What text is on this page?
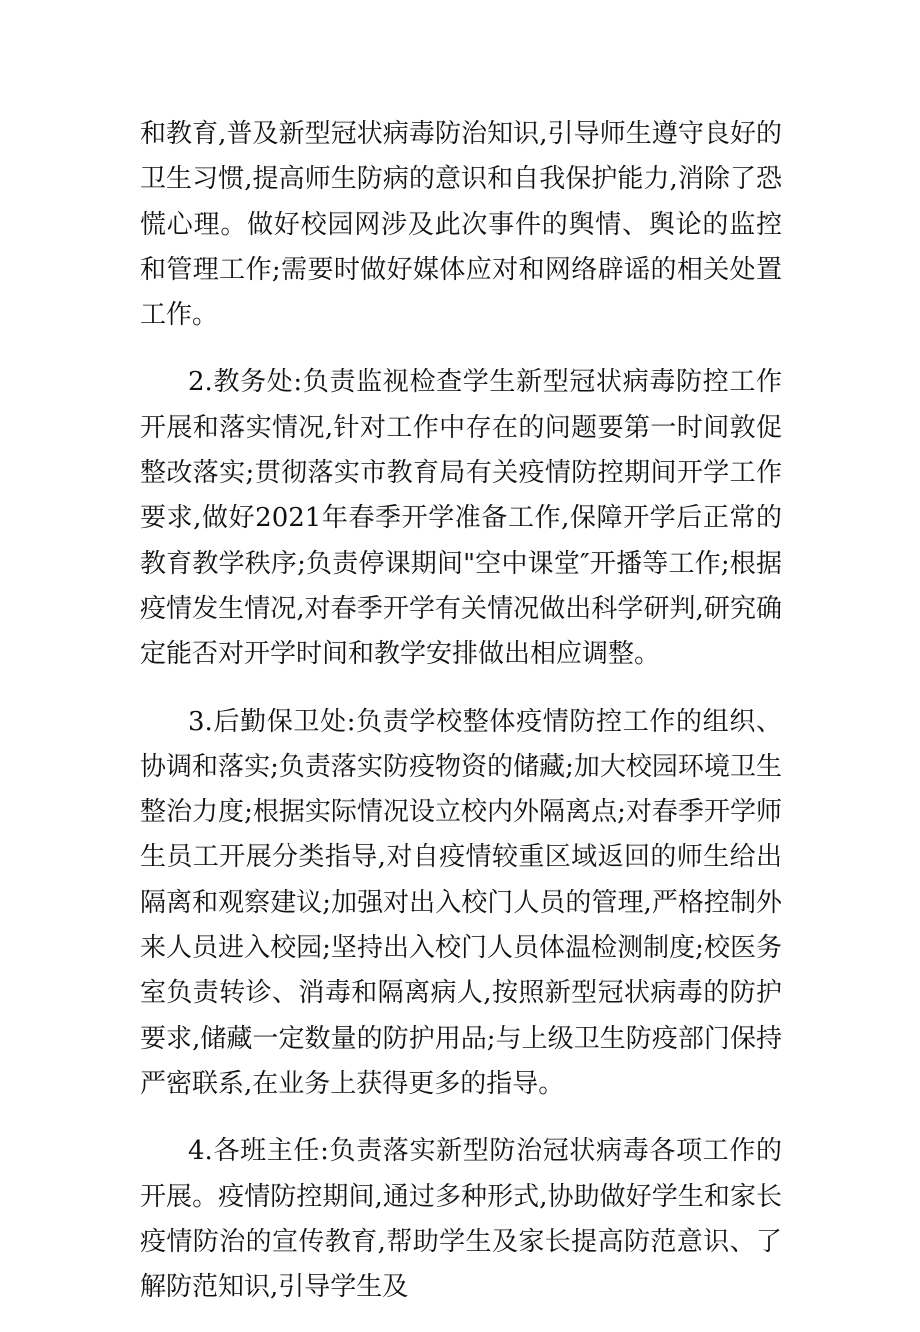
和教育,普及新型冠状病毒防治知识,引导师生遵守良好的卫生习惯,提高师生防病的意识和自我保护能力,消除了恐慌心理。做好校园网涉及此次事件的舆情、舆论的监控和管理工作;需要时做好媒体应对和网络辟谣的相关处置工作。

2.教务处:负责监视检查学生新型冠状病毒防控工作开展和落实情况,针对工作中存在的问题要第一时间敦促整改落实;贯彻落实市教育局有关疫情防控期间开学工作要求,做好2021年春季开学准备工作,保障开学后正常的教育教学秩序;负责停课期间"空中课堂″开播等工作;根据疫情发生情况,对春季开学有关情况做出科学研判,研究确定能否对开学时间和教学安排做出相应调整。

3.后勤保卫处:负责学校整体疫情防控工作的组织、协调和落实;负责落实防疫物资的储藏;加大校园环境卫生整治力度;根据实际情况设立校内外隔离点;对春季开学师生员工开展分类指导,对自疫情较重区域返回的师生给出隔离和观察建议;加强对出入校门人员的管理,严格控制外来人员进入校园;坚持出入校门人员体温检测制度;校医务室负责转诊、消毒和隔离病人,按照新型冠状病毒的防护要求,储藏一定数量的防护用品;与上级卫生防疫部门保持严密联系,在业务上获得更多的指导。

4.各班主任:负责落实新型防治冠状病毒各项工作的开展。疫情防控期间,通过多种形式,协助做好学生和家长疫情防治的宣传教育,帮助学生及家长提高防范意识、了解防范知识,引导学生及
